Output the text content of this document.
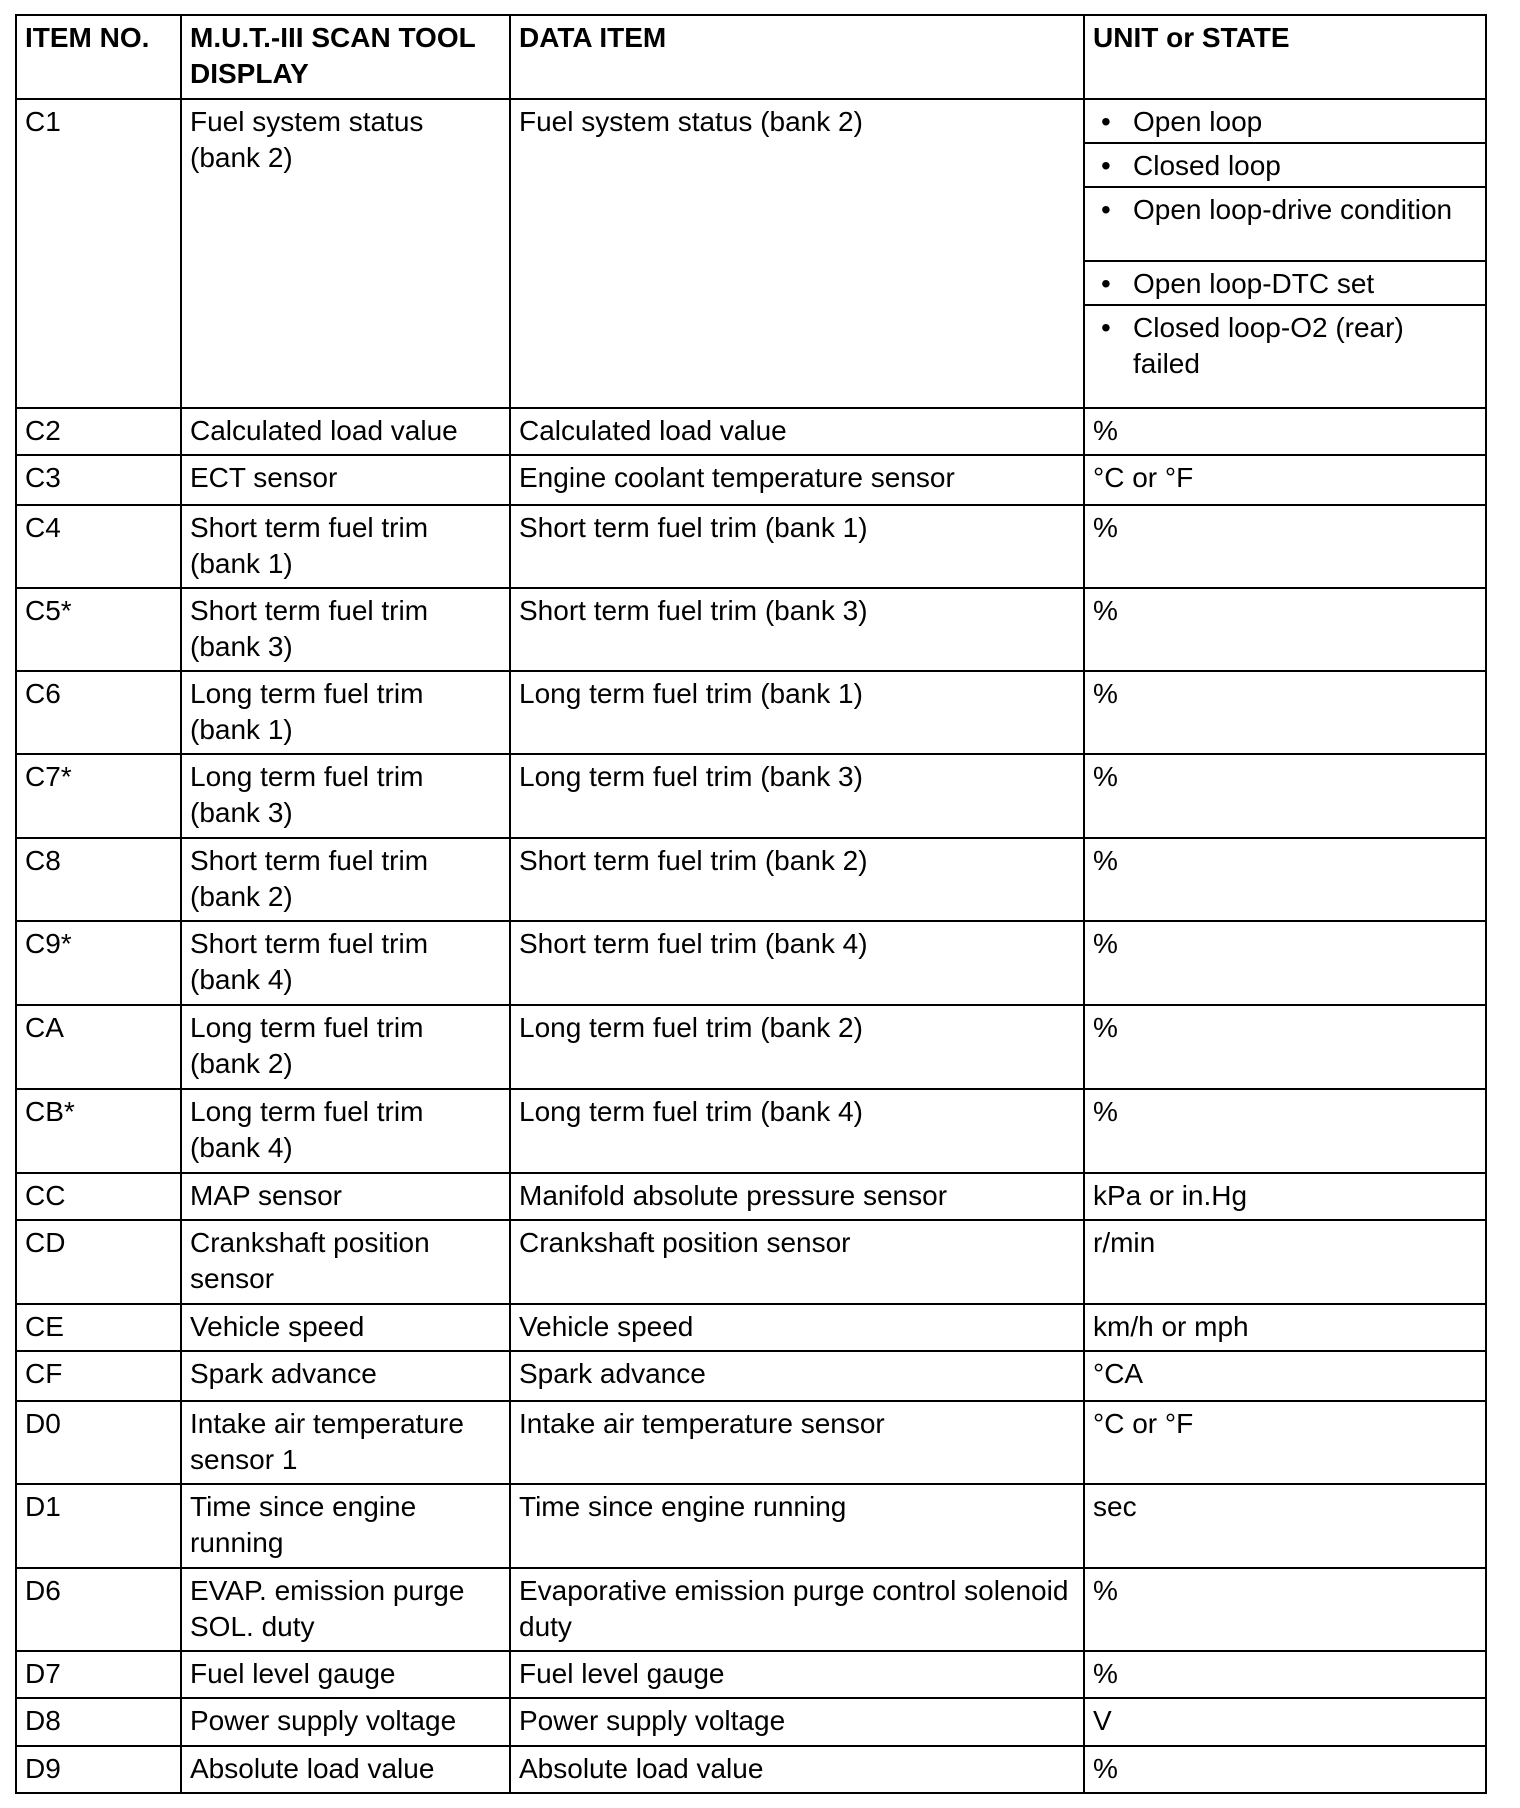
ITEM NO.	M.U.T.-III SCAN TOOL DISPLAY	DATA ITEM	UNIT or STATE
C1	Fuel system status (bank 2)	Fuel system status (bank 2)	• Open loop
• Closed loop
• Open loop-drive condition
• Open loop-DTC set
• Closed loop-O2 (rear) failed

C2	Calculated load value	Calculated load value	%
C3	ECT sensor	Engine coolant temperature sensor	°C or °F
C4	Short term fuel trim (bank 1)	Short term fuel trim (bank 1)	%
C5*	Short term fuel trim (bank 3)	Short term fuel trim (bank 3)	%
C6	Long term fuel trim (bank 1)	Long term fuel trim (bank 1)	%
C7*	Long term fuel trim (bank 3)	Long term fuel trim (bank 3)	%
C8	Short term fuel trim (bank 2)	Short term fuel trim (bank 2)	%
C9*	Short term fuel trim (bank 4)	Short term fuel trim (bank 4)	%
CA	Long term fuel trim (bank 2)	Long term fuel trim (bank 2)	%
CB*	Long term fuel trim (bank 4)	Long term fuel trim (bank 4)	%
CC	MAP sensor	Manifold absolute pressure sensor	kPa or in.Hg
CD	Crankshaft position sensor	Crankshaft position sensor	r/min
CE	Vehicle speed	Vehicle speed	km/h or mph
CF	Spark advance	Spark advance	°CA
D0	Intake air temperature sensor 1	Intake air temperature sensor	°C or °F
D1	Time since engine running	Time since engine running	sec
D6	EVAP. emission purge SOL. duty	Evaporative emission purge control solenoid duty	%
D7	Fuel level gauge	Fuel level gauge	%
D8	Power supply voltage	Power supply voltage	V
D9	Absolute load value	Absolute load value	%
